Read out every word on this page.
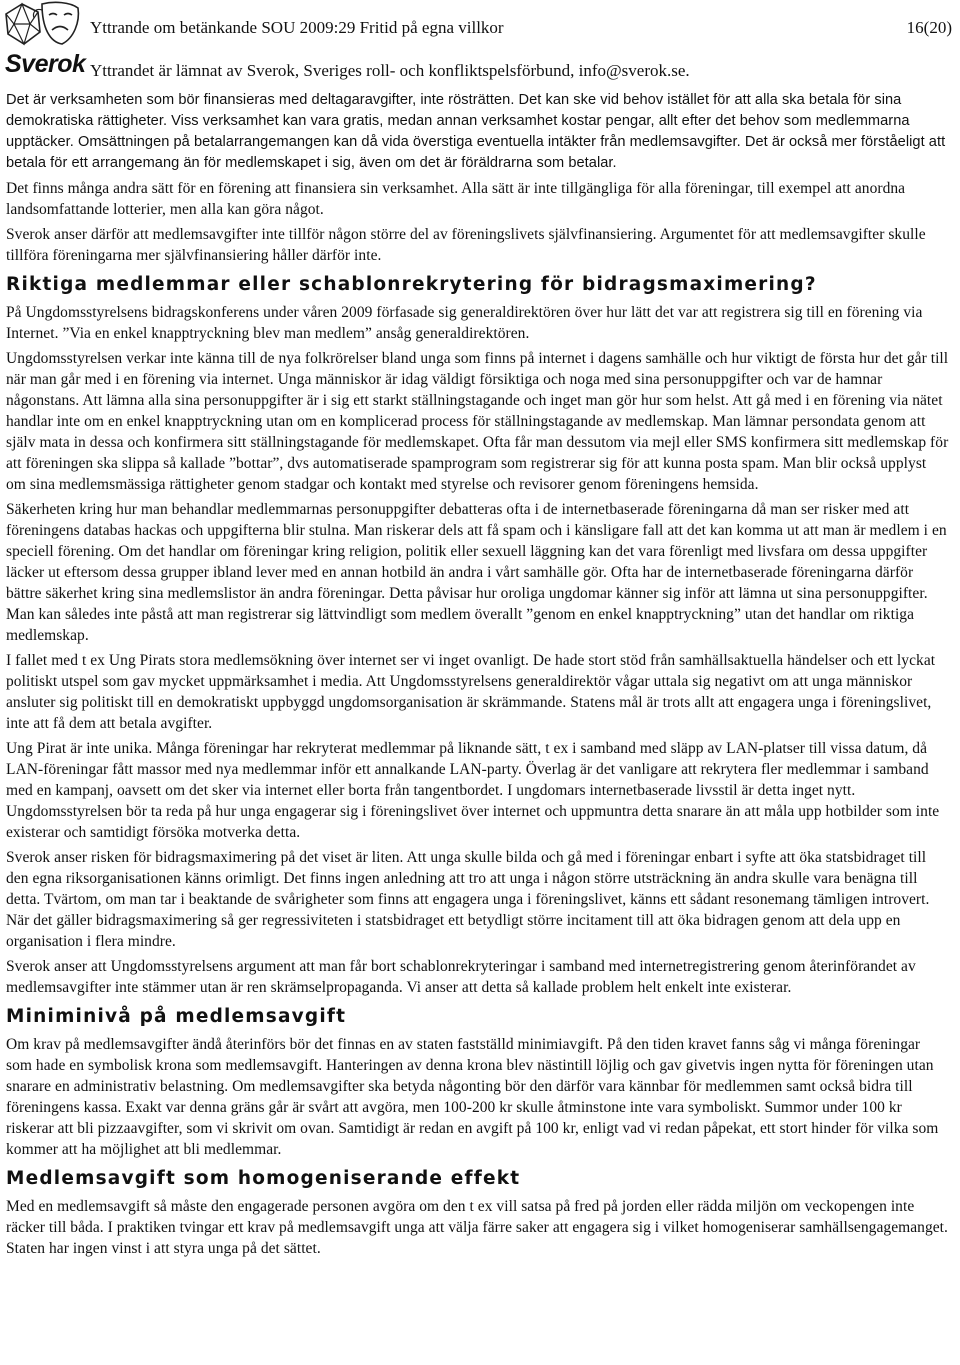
Sverok
Yttrande om betänkande SOU 2009:29 Fritid på egna villkor	16(20)
Yttrandet är lämnat av Sverok, Sveriges roll- och konfliktspelsförbund, info@sverok.se.

Det är verksamheten som bör finansieras med deltagaravgifter, inte rösträtten. Det kan ske vid behov istället för att alla ska betala för sina demokratiska rättigheter. Viss verksamhet kan vara gratis, medan annan verksamhet kostar pengar, allt efter det behov som medlemmarna upptäcker. Omsättningen på betalarrangemangen kan då vida överstiga eventuella intäkter från medlemsavgifter. Det är också mer förståeligt att betala för ett arrangemang än för medlemskapet i sig, även om det är föräldrarna som betalar.

Det finns många andra sätt för en förening att finansiera sin verksamhet. Alla sätt är inte tillgängliga för alla föreningar, till exempel att anordna landsomfattande lotterier, men alla kan göra något.

Sverok anser därför att medlemsavgifter inte tillför någon större del av föreningslivets självfinansiering. Argumentet för att medlemsavgifter skulle tillföra föreningarna mer självfinansiering håller därför inte.

Riktiga medlemmar eller schablonrekrytering för bidragsmaximering?

På Ungdomsstyrelsens bidragskonferens under våren 2009 förfasade sig generaldirektören över hur lätt det var att registrera sig till en förening via Internet. ”Via en enkel knapptryckning blev man medlem” ansåg generaldirektören.

Ungdomsstyrelsen verkar inte känna till de nya folkrörelser bland unga som finns på internet i dagens samhälle och hur viktigt de första hur det går till när man går med i en förening via internet. Unga människor är idag väldigt försiktiga och noga med sina personuppgifter och var de hamnar någonstans. Att lämna alla sina personuppgifter är i sig ett starkt ställningstagande och inget man gör hur som helst. Att gå med i en förening via nätet handlar inte om en enkel knapptryckning utan om en komplicerad process för ställningstagande av medlemskap. Man lämnar persondata genom att själv mata in dessa och konfirmera sitt ställningstagande för medlemskapet. Ofta får man dessutom via mejl eller SMS konfirmera sitt medlemskap för att föreningen ska slippa så kallade ”bottar”, dvs automatiserade spamprogram som registrerar sig för att kunna posta spam. Man blir också upplyst om sina medlemsmässiga rättigheter genom stadgar och kontakt med styrelse och revisorer genom föreningens hemsida.

Säkerheten kring hur man behandlar medlemmarnas personuppgifter debatteras ofta i de internetbaserade föreningarna då man ser risker med att föreningens databas hackas och uppgifterna blir stulna. Man riskerar dels att få spam och i känsligare fall att det kan komma ut att man är medlem i en speciell förening. Om det handlar om föreningar kring religion, politik eller sexuell läggning kan det vara förenligt med livsfara om dessa uppgifter läcker ut eftersom dessa grupper ibland lever med en annan hotbild än andra i vårt samhälle gör. Ofta har de internetbaserade föreningarna därför bättre säkerhet kring sina medlemslistor än andra föreningar. Detta påvisar hur oroliga ungdomar känner sig inför att lämna ut sina personuppgifter. Man kan således inte påstå att man registrerar sig lättvindligt som medlem överallt ”genom en enkel knapptryckning” utan det handlar om riktiga medlemskap.

I fallet med t ex Ung Pirats stora medlemsökning över internet ser vi inget ovanligt. De hade stort stöd från samhällsaktuella händelser och ett lyckat politiskt utspel som gav mycket uppmärksamhet i media. Att Ungdomsstyrelsens generaldirektör vågar uttala sig negativt om att unga människor ansluter sig politiskt till en demokratiskt uppbyggd ungdomsorganisation är skrämmande. Statens mål är trots allt att engagera unga i föreningslivet, inte att få dem att betala avgifter.

Ung Pirat är inte unika. Många föreningar har rekryterat medlemmar på liknande sätt, t ex i samband med släpp av LAN-platser till vissa datum, då LAN-föreningar fått massor med nya medlemmar inför ett annalkande LAN-party. Överlag är det vanligare att rekrytera fler medlemmar i samband med en kampanj, oavsett om det sker via internet eller borta från tangentbordet. I ungdomars internetbaserade livsstil är detta inget nytt. Ungdomsstyrelsen bör ta reda på hur unga engagerar sig i föreningslivet över internet och uppmuntra detta snarare än att måla upp hotbilder som inte existerar och samtidigt försöka motverka detta.

Sverok anser risken för bidragsmaximering på det viset är liten. Att unga skulle bilda och gå med i föreningar enbart i syfte att öka statsbidraget till den egna riksorganisationen känns orimligt. Det finns ingen anledning att tro att unga i någon större utsträckning än andra skulle vara benägna till detta. Tvärtom, om man tar i beaktande de svårigheter som finns att engagera unga i föreningslivet, känns ett sådant resonemang tämligen introvert. När det gäller bidragsmaximering så ger regressiviteten i statsbidraget ett betydligt större incitament till att öka bidragen genom att dela upp en organisation i flera mindre.

Sverok anser att Ungdomsstyrelsens argument att man får bort schablonrekryteringar i samband med internetregistrering genom återinförandet av medlemsavgifter inte stämmer utan är ren skrämselpropaganda. Vi anser att detta så kallade problem helt enkelt inte existerar.

Miniminivå på medlemsavgift

Om krav på medlemsavgifter ändå återinförs bör det finnas en av staten fastställd minimiavgift. På den tiden kravet fanns såg vi många föreningar som hade en symbolisk krona som medlemsavgift. Hanteringen av denna krona blev nästintill löjlig och gav givetvis ingen nytta för föreningen utan snarare en administrativ belastning. Om medlemsavgifter ska betyda någonting bör den därför vara kännbar för medlemmen samt också bidra till föreningens kassa. Exakt var denna gräns går är svårt att avgöra, men 100-200 kr skulle åtminstone inte vara symboliskt. Summor under 100 kr riskerar att bli pizzaavgifter, som vi skrivit om ovan. Samtidigt är redan en avgift på 100 kr, enligt vad vi redan påpekat, ett stort hinder för vilka som kommer att ha möjlighet att bli medlemmar.

Medlemsavgift som homogeniserande effekt

Med en medlemsavgift så måste den engagerade personen avgöra om den t ex vill satsa på fred på jorden eller rädda miljön om veckopengen inte räcker till båda. I praktiken tvingar ett krav på medlemsavgift unga att välja färre saker att engagera sig i vilket homogeniserar samhällsengagemanget. Staten har ingen vinst i att styra unga på det sättet.
